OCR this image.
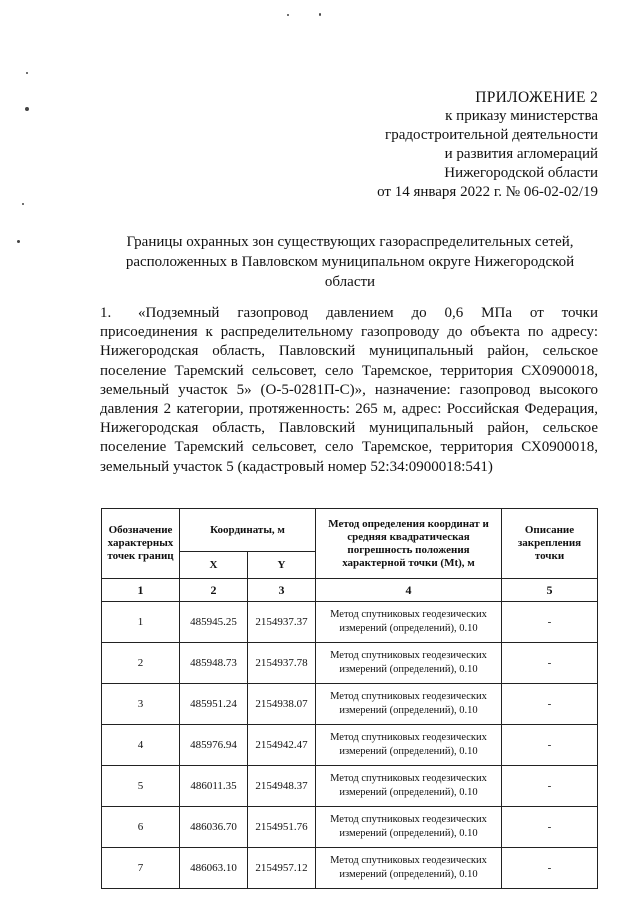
ПРИЛОЖЕНИЕ 2
к приказу министерства
градостроительной деятельности
и развития агломераций
Нижегородской области
от 14 января 2022 г. № 06-02-02/19
Границы охранных зон существующих газораспределительных сетей,
расположенных в Павловском муниципальном округе Нижегородской
области
1. «Подземный газопровод давлением до 0,6 МПа от точки присоединения к распределительному газопроводу до объекта по адресу: Нижегородская область, Павловский муниципальный район, сельское поселение Таремский сельсовет, село Таремское, территория СХ0900018, земельный участок 5» (О-5-0281П-С)», назначение: газопровод высокого давления 2 категории, протяженность: 265 м, адрес: Российская Федерация, Нижегородская область, Павловский муниципальный район, сельское поселение Таремский сельсовет, село Таремское, территория СХ0900018, земельный участок 5 (кадастровый номер 52:34:0900018:541)
Обозначение характерных точек границ	Координаты, м		Метод определения координат и средняя квадратическая погрешность положения характерной точки (Mt), м	Описание закрепления точки
	X	Y		
1	2	3	4	5
1	485945.25	2154937.37	Метод спутниковых геодезических измерений (определений), 0.10	-
2	485948.73	2154937.78	Метод спутниковых геодезических измерений (определений), 0.10	-
3	485951.24	2154938.07	Метод спутниковых геодезических измерений (определений), 0.10	-
4	485976.94	2154942.47	Метод спутниковых геодезических измерений (определений), 0.10	-
5	486011.35	2154948.37	Метод спутниковых геодезических измерений (определений), 0.10	-
6	486036.70	2154951.76	Метод спутниковых геодезических измерений (определений), 0.10	-
7	486063.10	2154957.12	Метод спутниковых геодезических измерений (определений), 0.10	-
